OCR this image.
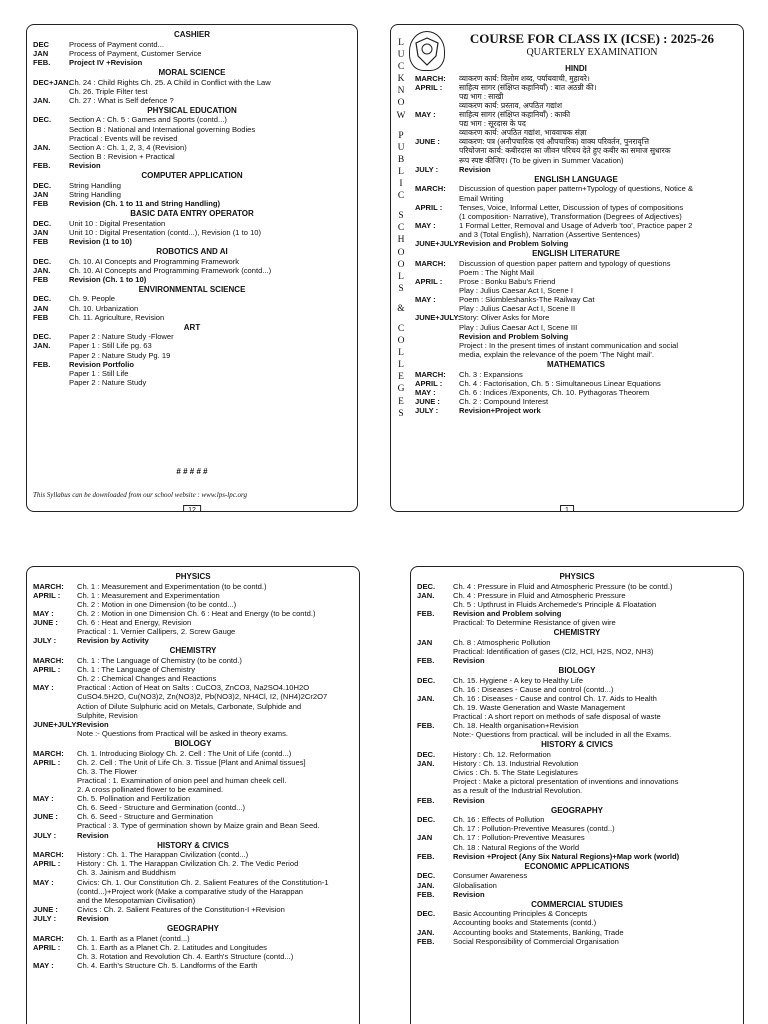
CASHIER
DEC	Process of Payment contd...
JAN	Process of Payment, Customer Service
FEB.	Project IV +Revision
MORAL SCIENCE
DEC+JAN:
Ch. 24 : Child Rights Ch. 25. A Child in Conflict with the Law
Ch. 26. Triple Filter test
JAN.	Ch. 27 : What is Self defence ?
PHYSICAL EDUCATION
DEC.	Section A : Ch. 5 : Games and Sports (contd...)
Section B : National and International governing Bodies
Practical : Events will be revised
JAN.	Section A : Ch. 1, 2, 3, 4 (Revision)
Section B : Revision + Practical
FEB.	Revision
COMPUTER APPLICATION
DEC.	String Handling
JAN	String Handling
FEB	Revision (Ch. 1 to 11 and String Handling)
BASIC DATA ENTRY OPERATOR
DEC.	Unit 10 : Digital Presentation
JAN	Unit 10 : Digital Presentation (contd...), Revision (1 to 10)
FEB	Revision (1 to 10)
ROBOTICS AND AI
DEC.	Ch. 10. AI Concepts and Programming Framework
JAN.	Ch. 10. AI Concepts and Programming Framework (contd...)
FEB	Revision (Ch. 1 to 10)
ENVIRONMENTAL SCIENCE
DEC.	Ch. 9. People
JAN	Ch. 10. Urbanization
FEB	Ch. 11. Agriculture, Revision
ART
DEC.	Paper 2 : Nature Study -Flower
JAN.	Paper 1 : Still Life pg. 63
Paper 2 : Nature Study Pg. 19
FEB.	Revision Portfolio
Paper 1 : Still Life
Paper 2 : Nature Study
# # # # #
This Syllabus can be downloaded from our school website : www.lps-lpc.org
12
L
U
C
K
N
O
W
P
U
B
L
I
C
S
C
H
O
O
L
S
&
C
O
L
L
E
G
E
S
COURSE FOR CLASS IX (ICSE) : 2025-26
QUARTERLY EXAMINATION
HINDI
MARCH:	व्याकरण कार्य: विलोम शब्द, पर्यायवाची, मुहावरे।
APRIL :	साहित्य सागर (संक्षिप्त कहानियाँ) : बात अठन्नी की।
पद्य भाग : साखी
व्याकरण कार्य: प्रस्ताव, अपठित गद्यांश
MAY :	साहित्य सागर (संक्षिप्त कहानियाँ) : काकी
पद्य भाग : सूरदास के पद
व्याकरण कार्य: अपठित गद्यांश, भाववाचक संज्ञा
JUNE :	व्याकरण: पत्र (अनौपचारिक एवं औपचारिक) वाक्य परिवर्तन, पुनरावृत्ति
परियोजना कार्य: कबीरदास का जीवन परिचय देते हुए कबीर का समाज सुधारक
रूप स्पष्ट कीजिए। (To be given in Summer Vacation)
JULY :	Revision
ENGLISH LANGUAGE
MARCH:	Discussion of question paper pattern+Typology of questions, Notice &
Email Writing
APRIL :	Tenses, Voice, Informal Letter, Discussion of types of compositions
(1 composition- Narrative), Transformation (Degrees of Adjectives)
MAY :	1 Formal Letter, Removal and Usage of Adverb 'too', Practice paper 2
and 3 (Total English), Narration (Assertive Sentences)
JUNE+JULY:
Revision and Problem Solving
ENGLISH LITERATURE
MARCH:	Discussion of question paper pattern and typology of questions
Poem : The Night Mail
APRIL :	Prose : Bonku Babu's Friend
Play : Julius Caesar Act I, Scene I
MAY :	Poem : Skimbleshanks-The Railway Cat
Play : Julius Caesar Act I, Scene II
JUNE+JULY:
Story: Oliver Asks for More
Play : Julius Caesar Act I, Scene III
Revision and Problem Solving
Project : In the present times of instant communication and social
media, explain the relevance of the poem 'The Night mail'.
MATHEMATICS
MARCH:	Ch. 3 : Expansions
APRIL :	Ch. 4 : Factorisation, Ch. 5 : Simultaneous Linear Equations
MAY :	Ch. 6 : Indices /Exponents, Ch. 10. Pythagoras Theorem
JUNE :	Ch. 2 : Compound Interest
JULY :	Revision+Project work
1
PHYSICS
MARCH:	Ch. 1 : Measurement and Experimentation (to be contd.)
APRIL :	Ch. 1 : Measurement and Experimentation
Ch. 2 : Motion in one Dimension (to be contd...)
MAY :	Ch. 2 : Motion in one Dimension Ch. 6 : Heat and Energy (to be contd.)
JUNE :	Ch. 6 : Heat and Energy, Revision
Practical : 1. Vernier Callipers, 2. Screw Gauge
JULY :	Revision by Activity
CHEMISTRY
MARCH:	Ch. 1 : The Language of Chemistry (to be contd.)
APRIL :	Ch. 1 : The Language of Chemistry
Ch. 2 : Chemical Changes and Reactions
MAY :	Practical : Action of Heat on Salts : CuCO3, ZnCO3, Na2SO4.10H2O
CuSO4.5H2O, Cu(NO3)2, Zn(NO3)2, Pb(NO3)2, NH4Cl, I2, (NH4)2Cr2O7
Action of Dilute Sulphuric acid on Metals, Carbonate, Sulphide and
Sulphite, Revision
JUNE+JULY:
Revision
Note :- Questions from Practical will be asked in theory exams.
BIOLOGY
MARCH:	Ch. 1. Introducing Biology Ch. 2. Cell : The Unit of Life (contd...)
APRIL :	Ch. 2. Cell : The Unit of Life Ch. 3. Tissue [Plant and Animal tissues]
Ch. 3. The Flower
Practical : 1. Examination of onion peel and human cheek cell.
2. A cross pollinated flower to be examined.
MAY :	Ch. 5. Pollination and Fertilization
Ch. 6. Seed - Structure and Germination (contd...)
JUNE :	Ch. 6. Seed - Structure and Germination
Practical : 3. Type of germination shown by Maize grain and Bean Seed.
JULY :	Revision
HISTORY & CIVICS
MARCH:	History : Ch. 1. The Harappan Civilization (contd...)
APRIL :	History : Ch. 1. The Harappan Civilization Ch. 2. The Vedic Period
Ch. 3. Jainism and Buddhism
MAY :	Civics: Ch. 1. Our Constitution Ch. 2. Salient Features of the Constitution-1
(contd...)+Project work (Make a comparative study of the Harappan
and the Mesopotamian Civilisation)
JUNE :	Civics : Ch. 2. Salient Features of the Constitution-I +Revision
JULY :	Revision
GEOGRAPHY
MARCH:	Ch. 1. Earth as a Planet (contd...)
APRIL :	Ch. 1. Earth as a Planet Ch. 2. Latitudes and Longitudes
Ch. 3. Rotation and Revolution Ch. 4. Earth's Structure (contd...)
MAY :	Ch. 4. Earth's Structure Ch. 5. Landforms of the Earth
PHYSICS
DEC.	Ch. 4 : Pressure in Fluid and Atmospheric Pressure (to be contd.)
JAN.	Ch. 4 : Pressure in Fluid and Atmospheric Pressure
Ch. 5 : Upthrust in Fluids Archemede's Principle & Floatation
FEB.	Revision and Problem solving
Practical: To Determine Resistance of given wire
CHEMISTRY
JAN	Ch. 8 : Atmospheric Pollution
Practical: Identification of gases (Cl2, HCl, H2S, NO2, NH3)
FEB.	Revision
BIOLOGY
DEC.	Ch. 15. Hygiene - A key to Healthy Life
Ch. 16 : Diseases - Cause and control (contd...)
JAN.	Ch. 16 : Diseases - Cause and control Ch. 17. Aids to Health
Ch. 19. Waste Generation and Waste Management
Practical : A short report on methods of safe disposal of waste
FEB.	Ch. 18. Health organisation+Revision
Note:- Questions from practical. will be included in all the Exams.
HISTORY & CIVICS
DEC.	History : Ch. 12. Reformation
JAN.	History : Ch. 13. Industrial Revolution
Civics : Ch. 5. The State Legislatures
Project : Make a pictoral presentation of inventions and innovations
as a result of the Industrial Revolution.
FEB.	Revision
GEOGRAPHY
DEC.	Ch. 16 : Effects of Pollution
Ch. 17 : Pollution-Preventive Measures (contd..)
JAN	Ch. 17 : Pollution-Preventive Measures
Ch. 18 : Natural Regions of the World
FEB.	Revision +Project (Any Six Natural Regions)+Map work (world)
ECONOMIC APPLICATIONS
DEC.	Consumer Awareness
JAN.	Globalisation
FEB.	Revision
COMMERCIAL STUDIES
DEC.	Basic Accounting Principles & Concepts
Accounting books and Statements (contd.)
JAN.	Accounting books and Statements, Banking, Trade
FEB.	Social Responsibility of Commercial Organisation
